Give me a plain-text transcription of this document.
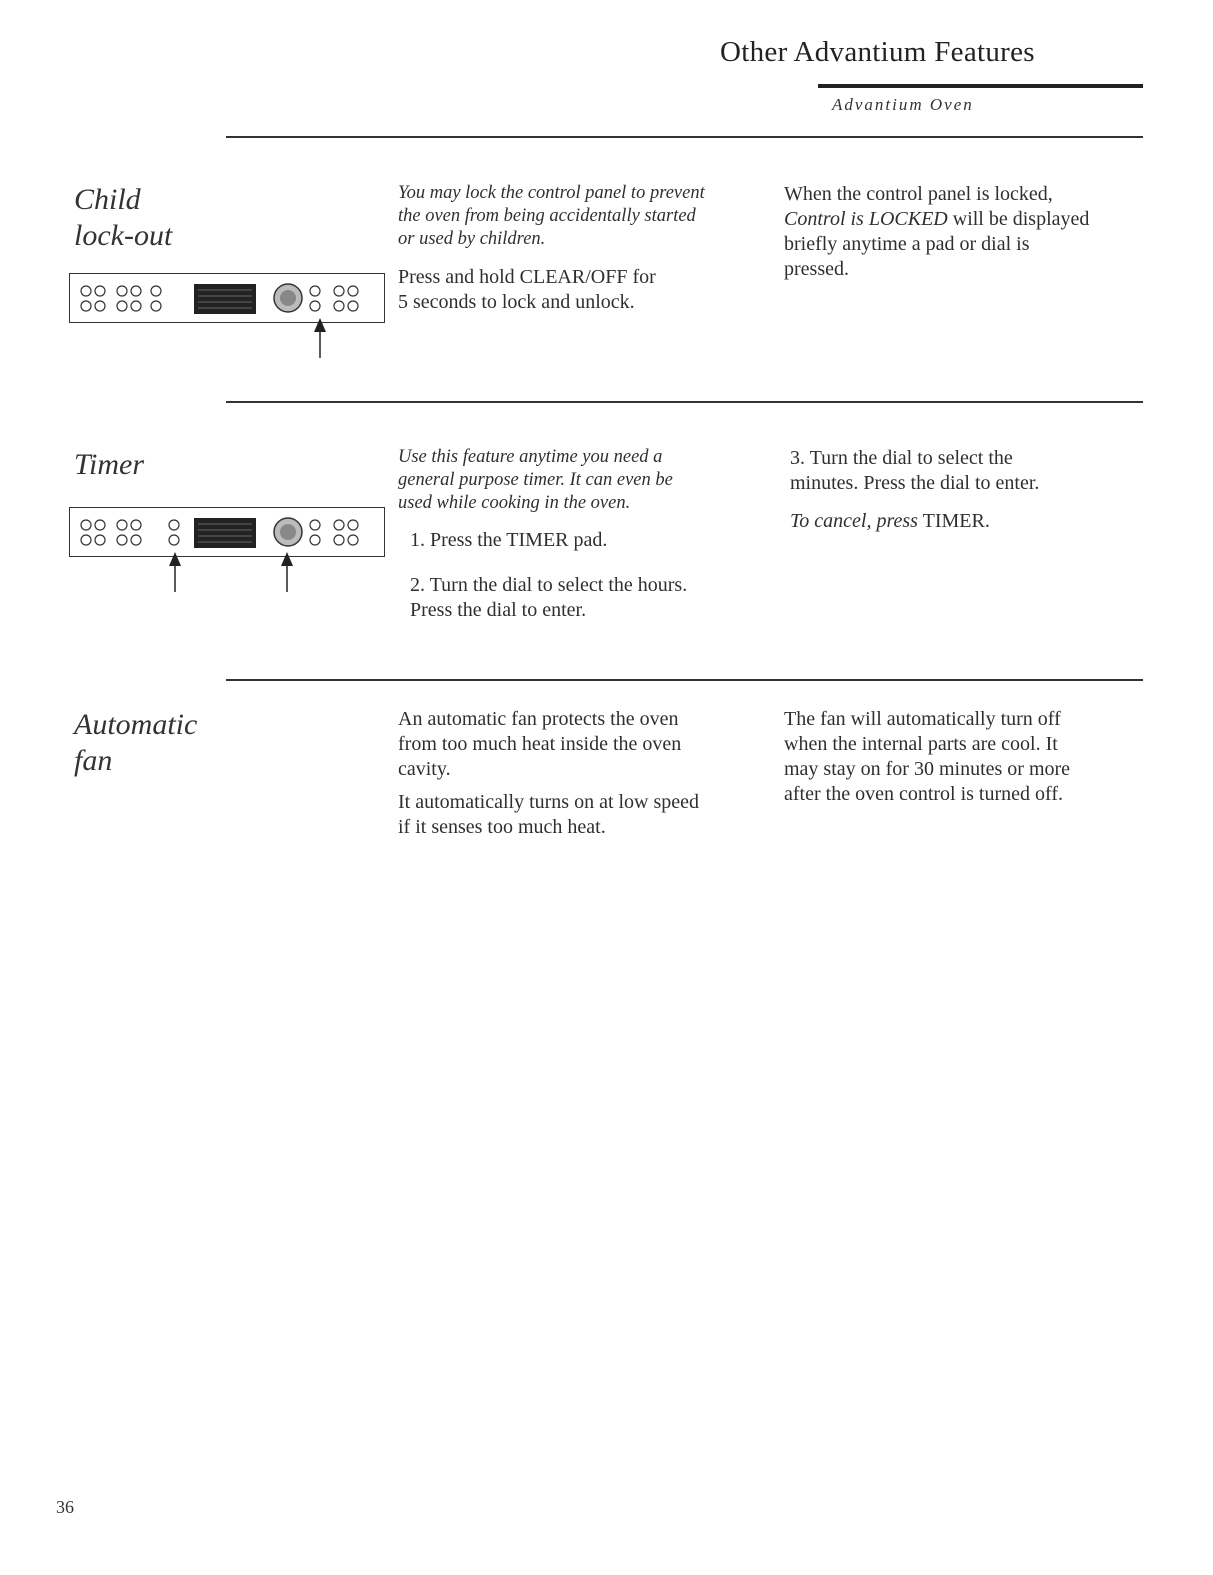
Other Advantium Features
Advantium Oven
Child
lock-out

You may lock the control panel to prevent
the oven from being accidentally started
or used by children.

Press and hold CLEAR/OFF for
5 seconds to lock and unlock.

When the control panel is locked,
Control is LOCKED will be displayed
briefly anytime a pad or dial is
pressed.

Timer	Use this feature anytime you need a
general purpose timer. It can even be
used while cooking in the oven.

1. Press the TIMER pad.

2. Turn the dial to select the hours.
Press the dial to enter.

3. Turn the dial to select the
minutes. Press the dial to enter.

To cancel, press TIMER.

Automatic
fan

An automatic fan protects the oven
from too much heat inside the oven
cavity.

It automatically turns on at low speed
if it senses too much heat.

The fan will automatically turn off
when the internal parts are cool. It
may stay on for 30 minutes or more
after the oven control is turned off.

36
